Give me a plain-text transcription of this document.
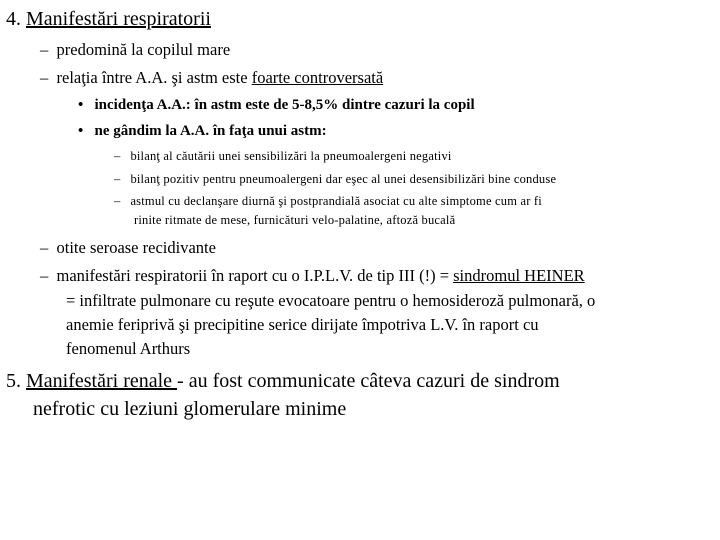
4. Manifestări respiratorii
– predomină la copilul mare
– relaţia între A.A. şi astm este foarte controversată
• incidenţa A.A.: în astm este de 5-8,5% dintre cazuri la copil
• ne gândim la A.A. în faţa unui astm:
– bilanţ al căutării unei sensibilizări la pneumoalergeni negativi
– bilanţ pozitiv pentru pneumoalergeni dar eşec al unei desensibilizări bine conduse
– astmul cu declanşare diurnă şi postprandială asociat cu alte simptome cum ar fi
rinite ritmate de mese, furnicături velo-palatine, aftoză bucală
– otite seroase recidivante
– manifestări respiratorii în raport cu o I.P.L.V. de tip III (!) = sindromul HEINER
= infiltrate pulmonare cu reşute evocatoare pentru o hemosideroză pulmonară, o
anemie ferіprivă şi precipitine serice dirijate împotriva L.V. în raport cu
fenomenul Arthurs
5. Manifestări renale - au fost communicate câteva cazuri de sindrom
nefrotic cu leziuni glomerulare minime
